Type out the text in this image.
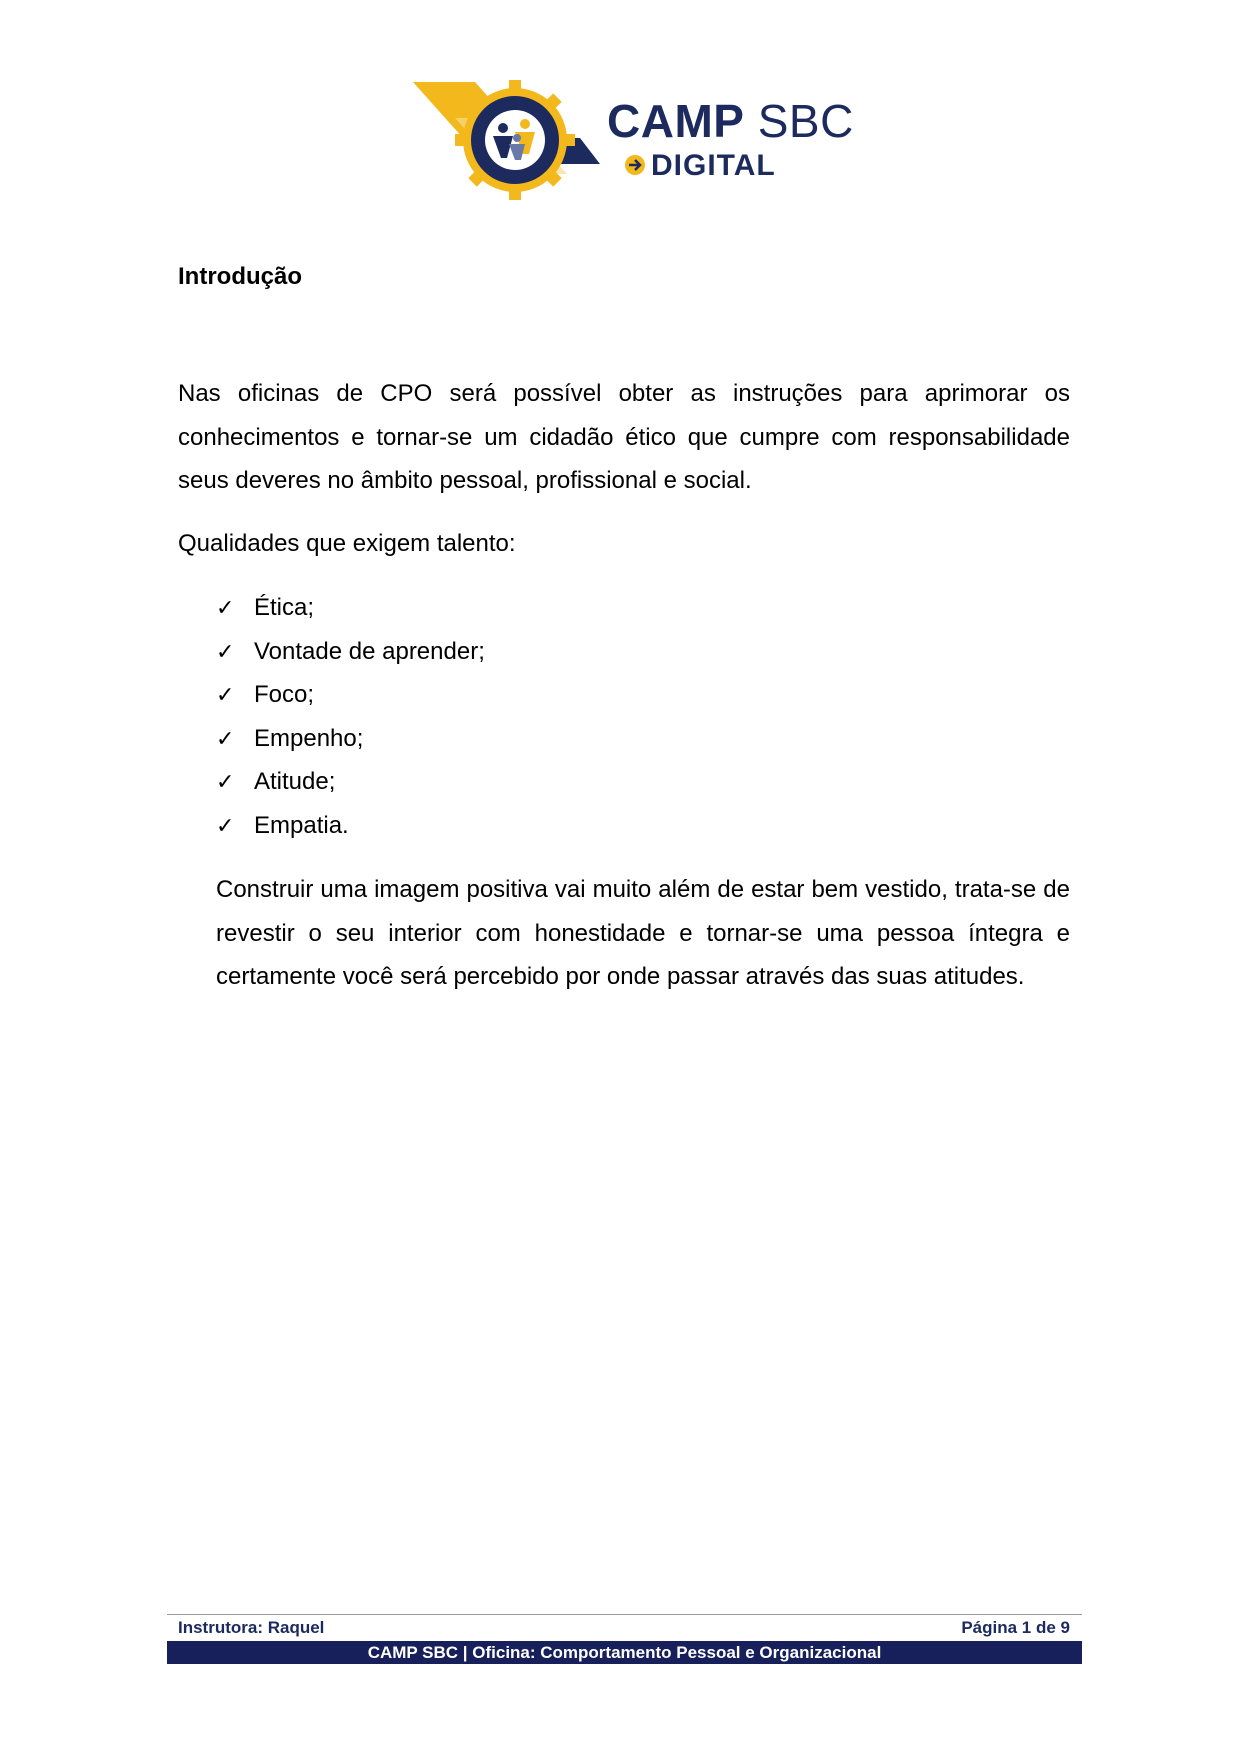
CAMP SBC
DIGITAL
Introdução

Nas oficinas de CPO será possível obter as instruções para aprimorar os conhecimentos e tornar-se um cidadão ético que cumpre com responsabilidade seus deveres no âmbito pessoal, profissional e social.

Qualidades que exigem talento:

✓ Ética;
✓ Vontade de aprender;
✓ Foco;
✓ Empenho;
✓ Atitude;
✓ Empatia.

Construir uma imagem positiva vai muito além de estar bem vestido, trata-se de revestir o seu interior com honestidade e tornar-se uma pessoa íntegra e certamente você será percebido por onde passar através das suas atitudes.

Instrutora: Raquel	Página 1 de 9
CAMP SBC | Oficina: Comportamento Pessoal e Organizacional
